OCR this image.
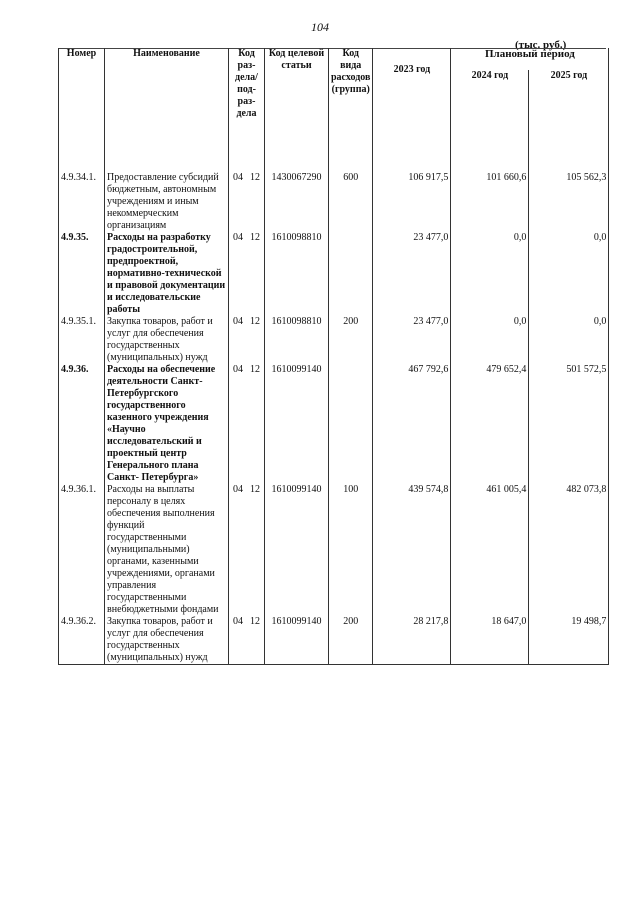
104
(тыс. руб.)
Номер	Наименование	Код раз-дела/ под-раз-дела	Код целевой статьи	Код вида расходов (группа)	2023 год	Плановый период	
						2024 год	2025 год
4.9.34.1.	Предоставление субсидий бюджетным, автономным учреждениям и иным некоммерческим организациям	04 12	1430067290	600	106 917,5	101 660,6	105 562,3
4.9.35.	Расходы на разработку градостроительной, предпроектной, нормативно-технической и правовой документации и исследовательские работы	04 12	1610098810		23 477,0	0,0	0,0
4.9.35.1.	Закупка товаров, работ и услуг для обеспечения государственных (муниципальных) нужд	04 12	1610098810	200	23 477,0	0,0	0,0
4.9.36.	Расходы на обеспечение деятельности Санкт-Петербургского государственного казенного учреждения «Научно исследовательский и проектный центр Генерального плана Санкт- Петербурга»	04 12	1610099140		467 792,6	479 652,4	501 572,5
4.9.36.1.	Расходы на выплаты персоналу в целях обеспечения выполнения функций государственными (муниципальными) органами, казенными учреждениями, органами управления государственными внебюджетными фондами	04 12	1610099140	100	439 574,8	461 005,4	482 073,8
4.9.36.2.	Закупка товаров, работ и услуг для обеспечения государственных (муниципальных) нужд	04 12	1610099140	200	28 217,8	18 647,0	19 498,7
